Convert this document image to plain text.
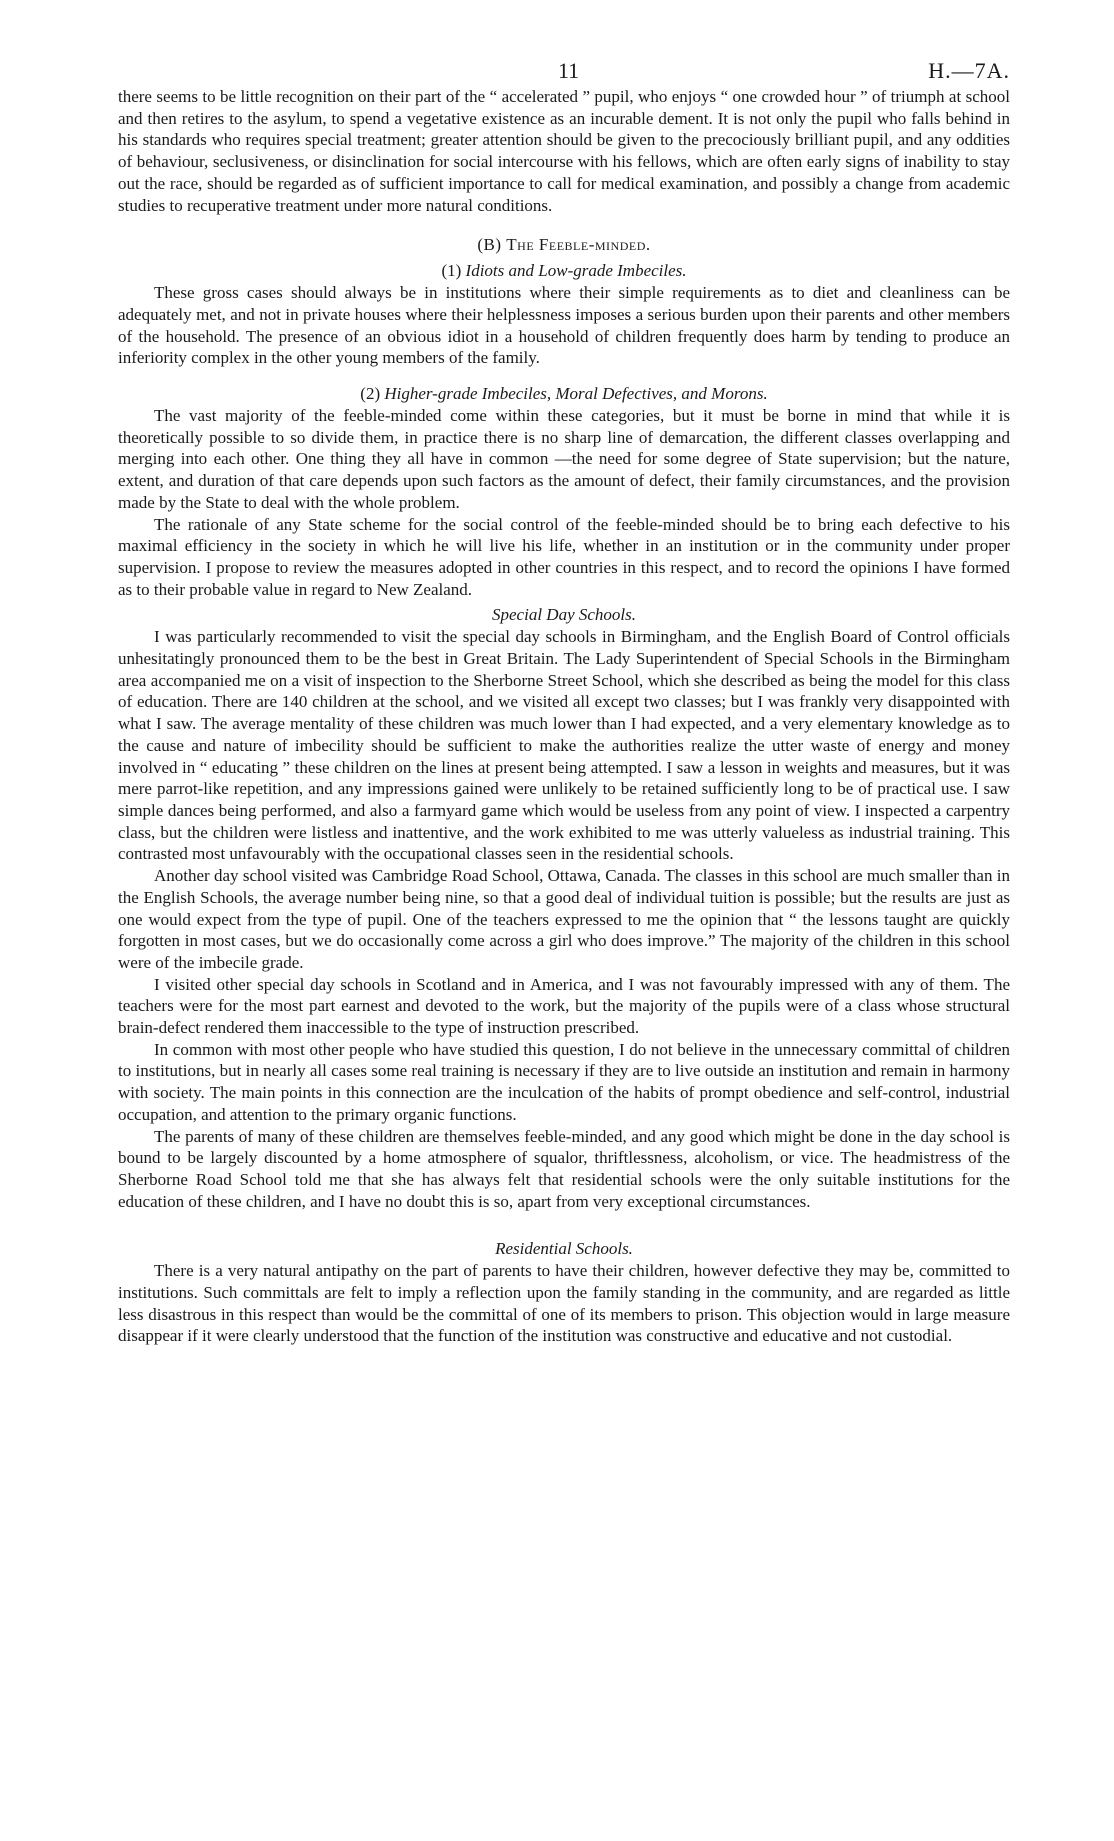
11	H.—7A.

there seems to be little recognition on their part of the “ accelerated ” pupil, who enjoys “ one crowded hour ” of triumph at school and then retires to the asylum, to spend a vegetative existence as an incurable dement. It is not only the pupil who falls behind in his standards who requires special treatment; greater attention should be given to the precociously brilliant pupil, and any oddities of behaviour, seclusiveness, or disinclination for social intercourse with his fellows, which are often early signs of inability to stay out the race, should be regarded as of sufficient importance to call for medical examination, and possibly a change from academic studies to recuperative treatment under more natural conditions.

(B) The Feeble-minded.
(1) Idiots and Low-grade Imbeciles.

These gross cases should always be in institutions where their simple requirements as to diet and cleanliness can be adequately met, and not in private houses where their helplessness imposes a serious burden upon their parents and other members of the household. The presence of an obvious idiot in a household of children frequently does harm by tending to produce an inferiority complex in the other young members of the family.

(2) Higher-grade Imbeciles, Moral Defectives, and Morons.

The vast majority of the feeble-minded come within these categories, but it must be borne in mind that while it is theoretically possible to so divide them, in practice there is no sharp line of demarcation, the different classes overlapping and merging into each other. One thing they all have in common —the need for some degree of State supervision; but the nature, extent, and duration of that care depends upon such factors as the amount of defect, their family circumstances, and the provision made by the State to deal with the whole problem.

The rationale of any State scheme for the social control of the feeble-minded should be to bring each defective to his maximal efficiency in the society in which he will live his life, whether in an institution or in the community under proper supervision. I propose to review the measures adopted in other countries in this respect, and to record the opinions I have formed as to their probable value in regard to New Zealand.

Special Day Schools.

I was particularly recommended to visit the special day schools in Birmingham, and the English Board of Control officials unhesitatingly pronounced them to be the best in Great Britain. The Lady Superintendent of Special Schools in the Birmingham area accompanied me on a visit of inspection to the Sherborne Street School, which she described as being the model for this class of education. There are 140 children at the school, and we visited all except two classes; but I was frankly very disappointed with what I saw. The average mentality of these children was much lower than I had expected, and a very elementary knowledge as to the cause and nature of imbecility should be sufficient to make the authorities realize the utter waste of energy and money involved in “ educating ” these children on the lines at present being attempted. I saw a lesson in weights and measures, but it was mere parrot-like repetition, and any impressions gained were unlikely to be retained sufficiently long to be of practical use. I saw simple dances being performed, and also a farmyard game which would be useless from any point of view. I inspected a carpentry class, but the children were listless and inattentive, and the work exhibited to me was utterly valueless as industrial training. This contrasted most unfavourably with the occupational classes seen in the residential schools.

Another day school visited was Cambridge Road School, Ottawa, Canada. The classes in this school are much smaller than in the English Schools, the average number being nine, so that a good deal of individual tuition is possible; but the results are just as one would expect from the type of pupil. One of the teachers expressed to me the opinion that “ the lessons taught are quickly forgotten in most cases, but we do occasionally come across a girl who does improve.” The majority of the children in this school were of the imbecile grade.

I visited other special day schools in Scotland and in America, and I was not favourably impressed with any of them. The teachers were for the most part earnest and devoted to the work, but the majority of the pupils were of a class whose structural brain-defect rendered them inaccessible to the type of instruction prescribed.

In common with most other people who have studied this question, I do not believe in the unnecessary committal of children to institutions, but in nearly all cases some real training is necessary if they are to live outside an institution and remain in harmony with society. The main points in this connection are the inculcation of the habits of prompt obedience and self-control, industrial occupation, and attention to the primary organic functions.

The parents of many of these children are themselves feeble-minded, and any good which might be done in the day school is bound to be largely discounted by a home atmosphere of squalor, thriftlessness, alcoholism, or vice. The headmistress of the Sherborne Road School told me that she has always felt that residential schools were the only suitable institutions for the education of these children, and I have no doubt this is so, apart from very exceptional circumstances.

Residential Schools.

There is a very natural antipathy on the part of parents to have their children, however defective they may be, committed to institutions. Such committals are felt to imply a reflection upon the family standing in the community, and are regarded as little less disastrous in this respect than would be the committal of one of its members to prison. This objection would in large measure disappear if it were clearly understood that the function of the institution was constructive and educative and not custodial.
